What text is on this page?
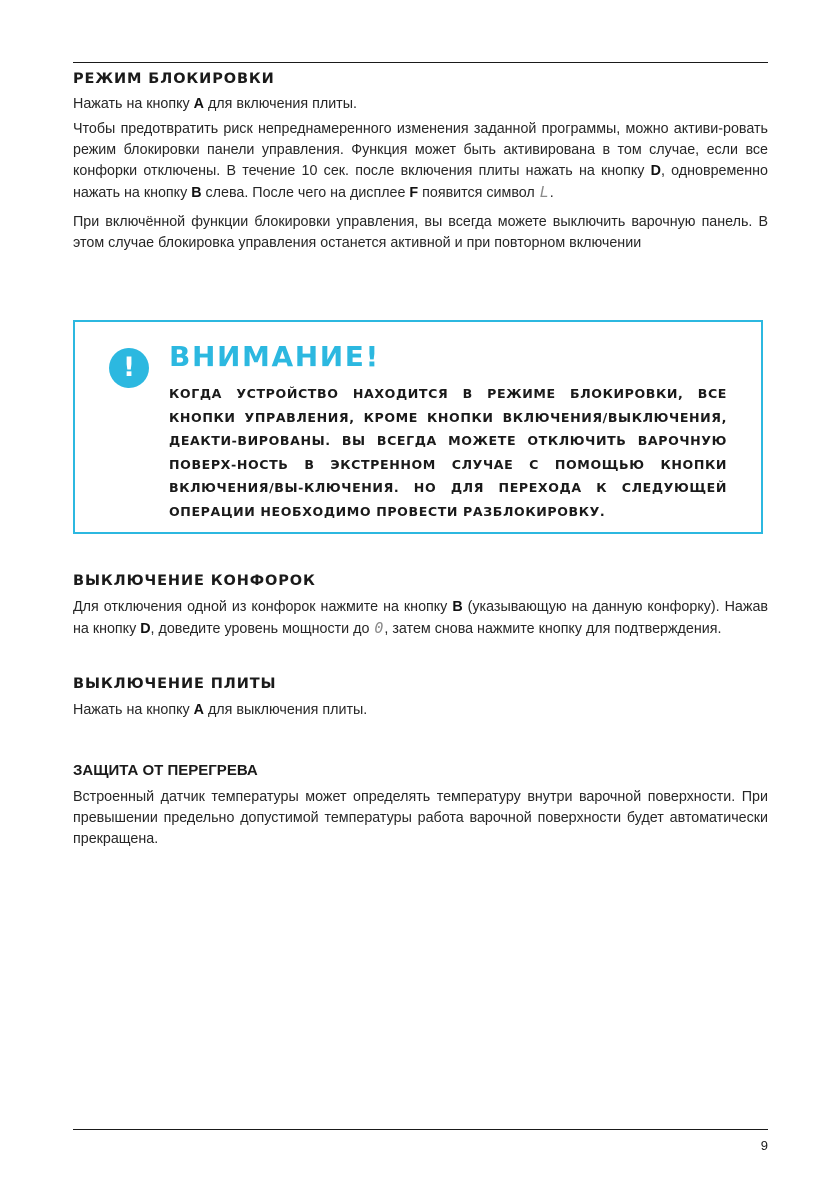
РЕЖИМ БЛОКИРОВКИ

Нажать на кнопку A для включения плиты.

Чтобы предотвратить риск непреднамеренного изменения заданной программы, можно активи-ровать режим блокировки панели управления. Функция может быть активирована в том случае, если все конфорки отключены. В течение 10 сек. после включения плиты нажать на кнопку D, одновременно нажать на кнопку B слева. После чего на дисплее F появится символ L.

При включённой функции блокировки управления, вы всегда можете выключить варочную панель. В этом случае блокировка управления останется активной и при повторном включении

!	ВНИМАНИЕ!

КОГДА УСТРОЙСТВО НАХОДИТСЯ В РЕЖИМЕ БЛОКИРОВКИ, ВСЕ КНОПКИ УПРАВЛЕНИЯ, КРОМЕ КНОПКИ ВКЛЮЧЕНИЯ/ВЫКЛЮЧЕНИЯ, ДЕАКТИ-ВИРОВАНЫ. ВЫ ВСЕГДА МОЖЕТЕ ОТКЛЮЧИТЬ ВАРОЧНУЮ ПОВЕРХ-НОСТЬ В ЭКСТРЕННОМ СЛУЧАЕ С ПОМОЩЬЮ КНОПКИ ВКЛЮЧЕНИЯ/ВЫ-КЛЮЧЕНИЯ. НО ДЛЯ ПЕРЕХОДА К СЛЕДУЮЩЕЙ ОПЕРАЦИИ НЕОБХОДИМО ПРОВЕСТИ РАЗБЛОКИРОВКУ.

ВЫКЛЮЧЕНИЕ КОНФОРОК

Для отключения одной из конфорок нажмите на кнопку B (указывающую на данную конфорку). Нажав на кнопку D, доведите уровень мощности до 0, затем снова нажмите кнопку для подтверждения.

ВЫКЛЮЧЕНИЕ ПЛИТЫ

Нажать на кнопку A для выключения плиты.

ЗАЩИТА ОТ ПЕРЕГРЕВА

Встроенный датчик температуры может определять температуру внутри варочной поверхности. При превышении предельно допустимой температуры работа варочной поверхности будет автоматически прекращена.

9
